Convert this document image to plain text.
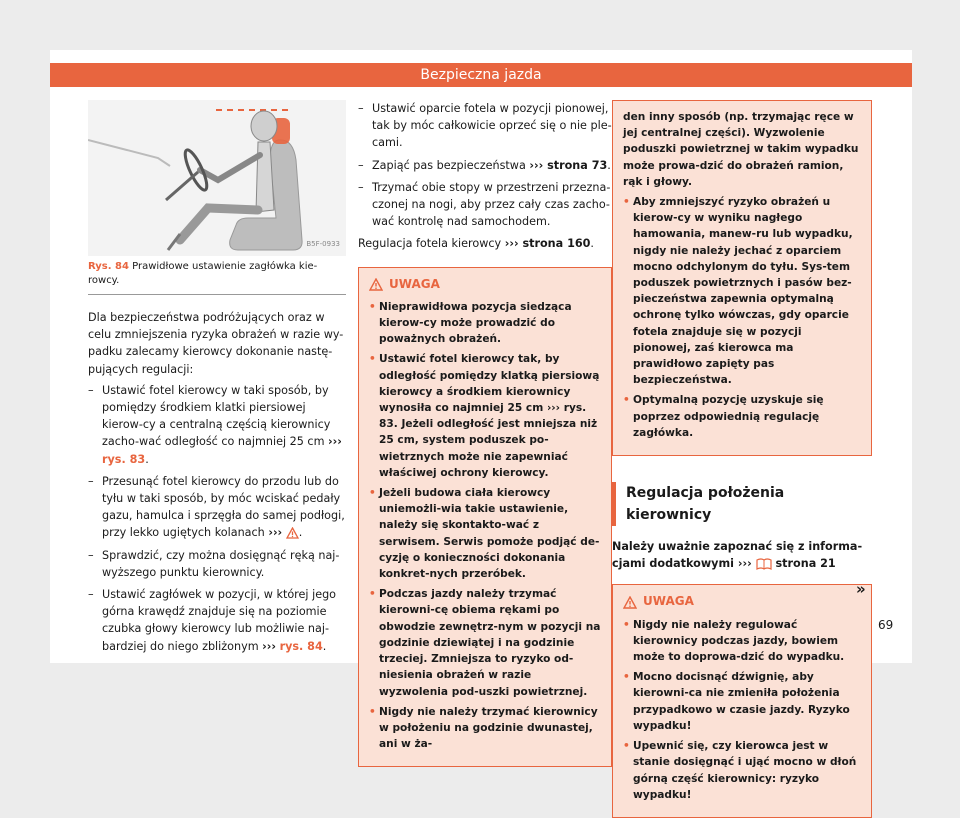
Bezpieczna jazda
B5F-0933
Rys. 84 Prawidłowe ustawienie zagłówka kie-rowcy.

Dla bezpieczeństwa podróżujących oraz w celu zmniejszenia ryzyka obrażeń w razie wy-padku zalecamy kierowcy dokonanie nastę-pujących regulacji:

– Ustawić fotel kierowcy w taki sposób, by pomiędzy środkiem klatki piersiowej kierow-cy a centralną częścią kierownicy zacho-wać odległość co najmniej 25 cm ››› rys. 83.
– Przesunąć fotel kierowcy do przodu lub do tyłu w taki sposób, by móc wciskać pedały gazu, hamulca i sprzęgła do samej podłogi, przy lekko ugiętych kolanach ››› .
– Sprawdzić, czy można dosięgnąć ręką naj-wyższego punktu kierownicy.
– Ustawić zagłówek w pozycji, w której jego górna krawędź znajduje się na poziomie czubka głowy kierowcy lub możliwie naj-bardziej do niego zbliżonym ››› rys. 84.
– Ustawić oparcie fotela w pozycji pionowej, tak by móc całkowicie oprzeć się o nie ple-cami.
– Zapiąć pas bezpieczeństwa ››› strona 73.
– Trzymać obie stopy w przestrzeni przezna-czonej na nogi, aby przez cały czas zacho-wać kontrolę nad samochodem.

Regulacja fotela kierowcy ››› strona 160.

UWAGA
• Nieprawidłowa pozycja siedząca kierow-cy może prowadzić do poważnych obrażeń.
• Ustawić fotel kierowcy tak, by odległość pomiędzy klatką piersiową kierowcy a środkiem kierownicy wynosiła co najmniej 25 cm ››› rys. 83. Jeżeli odległość jest mniejsza niż 25 cm, system poduszek po-wietrznych może nie zapewniać właściwej ochrony kierowcy.
• Jeżeli budowa ciała kierowcy uniemożli-wia takie ustawienie, należy się skontakto-wać z serwisem. Serwis pomoże podjąć de-cyzję o konieczności dokonania konkret-nych przeróbek.
• Podczas jazdy należy trzymać kierowni-cę obiema rękami po obwodzie zewnętrz-nym w pozycji na godzinie dziewiątej i na godzinie trzeciej. Zmniejsza to ryzyko od-niesienia obrażeń w razie wyzwolenia pod-uszki powietrznej.
• Nigdy nie należy trzymać kierownicy w położeniu na godzinie dwunastej, ani w ża-

den inny sposób (np. trzymając ręce w jej centralnej części). Wyzwolenie poduszki powietrznej w takim wypadku może prowa-dzić do obrażeń ramion, rąk i głowy.

• Aby zmniejszyć ryzyko obrażeń u kierow-cy w wyniku nagłego hamowania, manew-ru lub wypadku, nigdy nie należy jechać z oparciem mocno odchylonym do tyłu. Sys-tem poduszek powietrznych i pasów bez-pieczeństwa zapewnia optymalną ochronę tylko wówczas, gdy oparcie fotela znajduje się w pozycji pionowej, zaś kierowca ma prawidłowo zapięty pas bezpieczeństwa.
• Optymalną pozycję uzyskuje się poprzez odpowiednią regulację zagłówka.
Regulacja położenia kierownicy

Należy uważnie zapoznać się z informa-cjami dodatkowymi ››› strona 21

UWAGA
• Nigdy nie należy regulować kierownicy podczas jazdy, bowiem może to doprowa-dzić do wypadku.
• Mocno docisnąć dźwignię, aby kierowni-ca nie zmieniła położenia przypadkowo w czasie jazdy. Ryzyko wypadku!
• Upewnić się, czy kierowca jest w stanie dosięgnąć i ująć mocno w dłoń górną część kierownicy: ryzyko wypadku!
»
69
